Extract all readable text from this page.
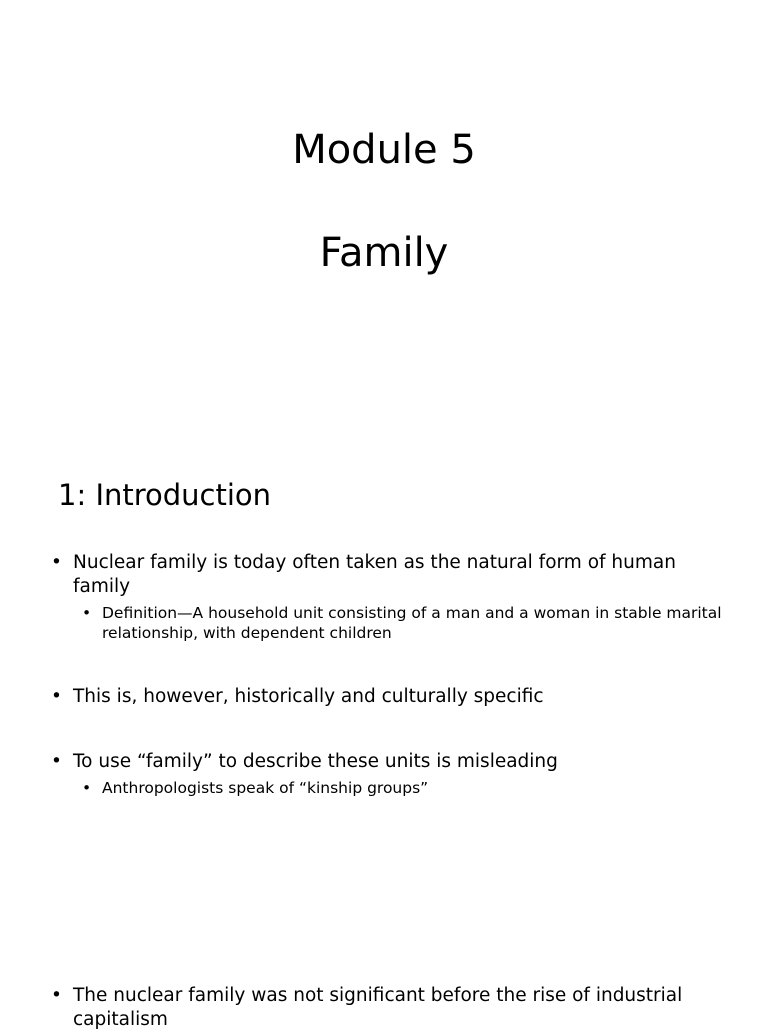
Module 5
Family
1: Introduction
• Nuclear family is today often taken as the natural form of human family
• Definition—A household unit consisting of a man and a woman in stable marital relationship, with dependent children
• This is, however, historically and culturally specific
• To use “family” to describe these units is misleading
• Anthropologists speak of “kinship groups”
• The nuclear family was not significant before the rise of industrial capitalism
